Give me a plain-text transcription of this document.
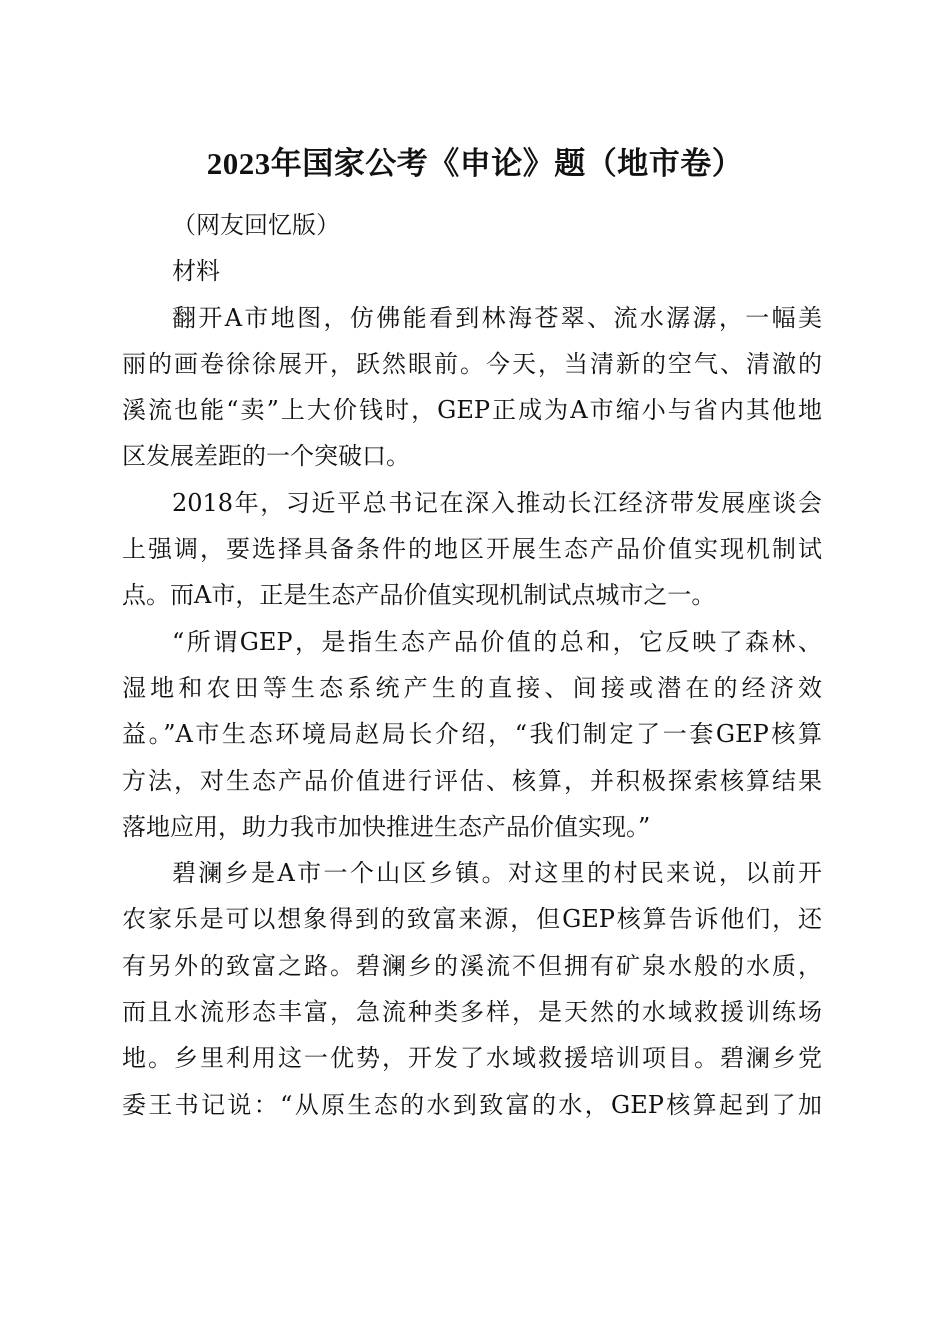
2023年国家公考《申论》题（地市卷）
（网友回忆版）
材料
翻开A市地图，仿佛能看到林海苍翠、流水潺潺，一幅美
丽的画卷徐徐展开，跃然眼前。今天，当清新的空气、清澈的
溪流也能“卖”上大价钱时，GEP正成为A市缩小与省内其他地
区发展差距的一个突破口。
2018年，习近平总书记在深入推动长江经济带发展座谈会
上强调，要选择具备条件的地区开展生态产品价值实现机制试
点。而A市，正是生态产品价值实现机制试点城市之一。
“所谓GEP，是指生态产品价值的总和，它反映了森林、
湿地和农田等生态系统产生的直接、间接或潜在的经济效
益。”A市生态环境局赵局长介绍，“我们制定了一套GEP核算
方法，对生态产品价值进行评估、核算，并积极探索核算结果
落地应用，助力我市加快推进生态产品价值实现。”
碧澜乡是A市一个山区乡镇。对这里的村民来说，以前开
农家乐是可以想象得到的致富来源，但GEP核算告诉他们，还
有另外的致富之路。碧澜乡的溪流不但拥有矿泉水般的水质，
而且水流形态丰富，急流种类多样，是天然的水域救援训练场
地。乡里利用这一优势，开发了水域救援培训项目。碧澜乡党
委王书记说：“从原生态的水到致富的水，GEP核算起到了加
